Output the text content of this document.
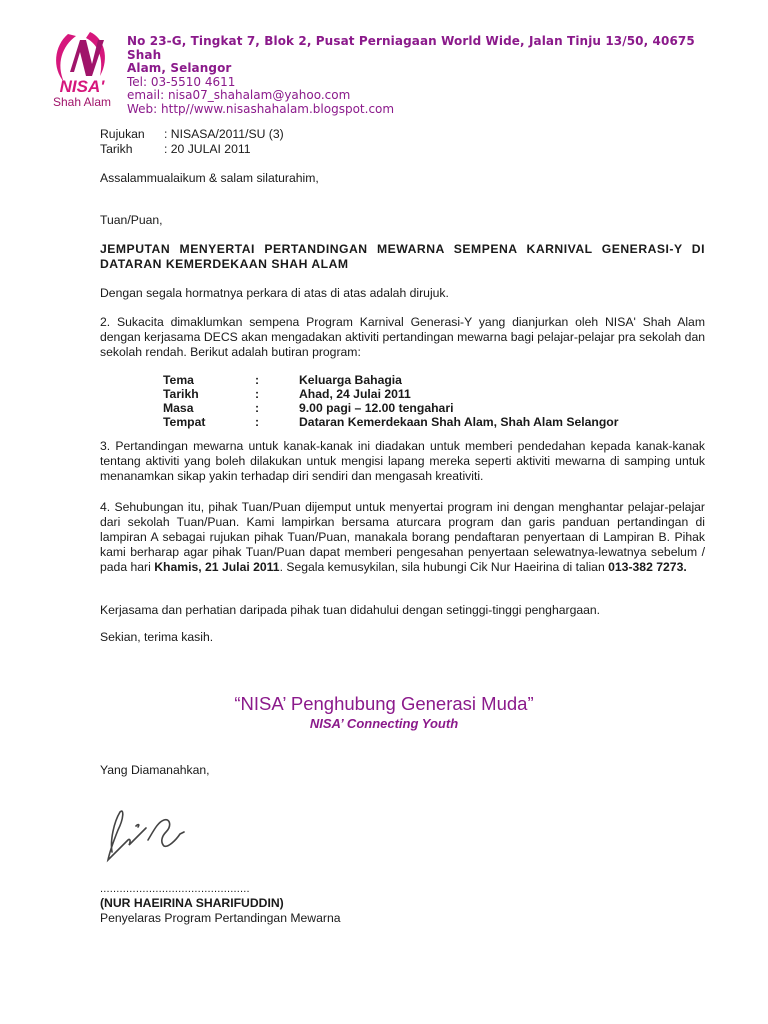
NISA'
Shah Alam
No 23-G, Tingkat 7, Blok 2, Pusat Perniagaan World Wide, Jalan Tinju 13/50, 40675 Shah
Alam, Selangor
Tel: 03-5510 4611
email: nisa07_shahalam@yahoo.com
Web: http//www.nisashahalam.blogspot.com
Rujukan : NISASA/2011/SU (3)
Tarikh	: 20 JULAI 2011
Assalammualaikum & salam silaturahim,
Tuan/Puan,
JEMPUTAN MENYERTAI PERTANDINGAN MEWARNA SEMPENA KARNIVAL GENERASI-Y DI DATARAN KEMERDEKAAN SHAH ALAM
Dengan segala hormatnya perkara di atas di atas adalah dirujuk.
2. Sukacita dimaklumkan sempena Program Karnival Generasi-Y yang dianjurkan oleh NISA' Shah Alam dengan kerjasama DECS akan mengadakan aktiviti pertandingan mewarna bagi pelajar-pelajar pra sekolah dan sekolah rendah. Berikut adalah butiran program:
Tema	:	Keluarga Bahagia
Tarikh	:	Ahad, 24 Julai 2011
Masa	:	9.00 pagi – 12.00 tengahari
Tempat	:	Dataran Kemerdekaan Shah Alam, Shah Alam Selangor
3. Pertandingan mewarna untuk kanak-kanak ini diadakan untuk memberi pendedahan kepada kanak-kanak tentang aktiviti yang boleh dilakukan untuk mengisi lapang mereka seperti aktiviti mewarna di samping untuk menanamkan sikap yakin terhadap diri sendiri dan mengasah kreativiti.
4. Sehubungan itu, pihak Tuan/Puan dijemput untuk menyertai program ini dengan menghantar pelajar-pelajar dari sekolah Tuan/Puan. Kami lampirkan bersama aturcara program dan garis panduan pertandingan di lampiran A sebagai rujukan pihak Tuan/Puan, manakala borang pendaftaran penyertaan di Lampiran B. Pihak kami berharap agar pihak Tuan/Puan dapat memberi pengesahan penyertaan selewatnya-lewatnya sebelum / pada hari Khamis, 21 Julai 2011. Segala kemusykilan, sila hubungi Cik Nur Haeirina di talian 013-382 7273.
Kerjasama dan perhatian daripada pihak tuan didahului dengan setinggi-tinggi penghargaan.
Sekian, terima kasih.
“NISA’ Penghubung Generasi Muda”
NISA’ Connecting Youth
Yang Diamanahkan,
..............................................
(NUR HAEIRINA SHARIFUDDIN)
Penyelaras Program Pertandingan Mewarna
